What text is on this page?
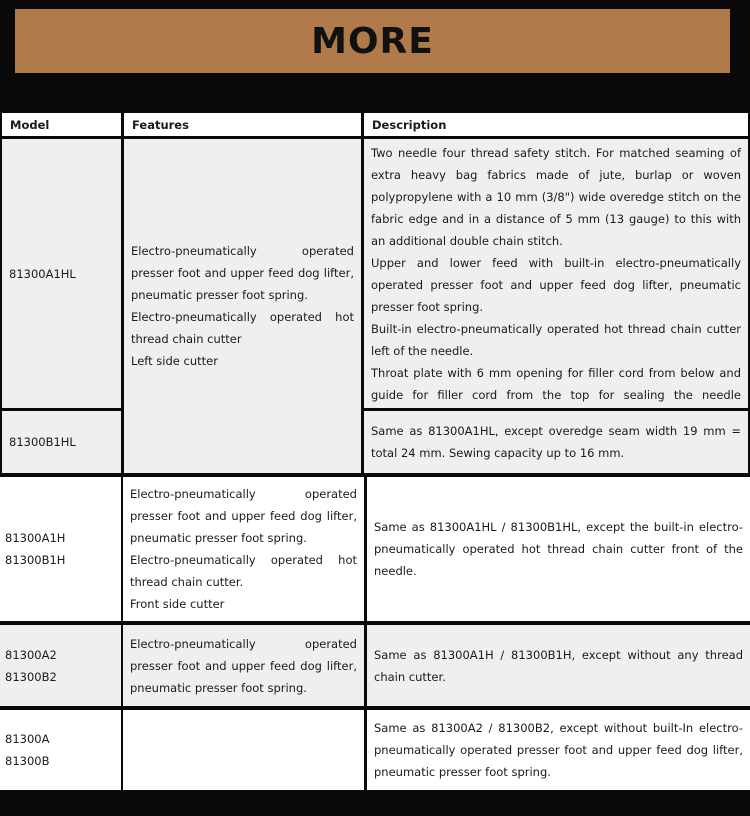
MORE
Model	Features	Description
81300A1HL
Electro-pneumatically operated presser foot and upper feed dog lifter, pneumatic presser foot spring.
Electro-pneumatically operated hot thread chain cutter
Left side cutter
Two needle four thread safety stitch. For matched seaming of extra heavy bag fabrics made of jute, burlap or woven polypropylene with a 10 mm (3/8") wide overedge stitch on the fabric edge and in a distance of 5 mm (13 gauge) to this with an additional double chain stitch.
Upper and lower feed with built-in electro-pneumatically operated presser foot and upper feed dog lifter, pneumatic presser foot spring.
Built-in electro-pneumatically operated hot thread chain cutter left of the needle.
Throat plate with 6 mm opening for filler cord from below and guide for filler cord from the top for sealing the needle
81300B1HL
Same as 81300A1HL, except overedge seam width 19 mm = total 24 mm. Sewing capacity up to 16 mm.
81300A1H
81300B1H
Electro-pneumatically operated presser foot and upper feed dog lifter, pneumatic presser foot spring.
Electro-pneumatically operated hot thread chain cutter.
Front side cutter
Same as 81300A1HL / 81300B1HL, except the built-in electro-pneumatically operated hot thread chain cutter front of the needle.
81300A2
81300B2
Electro-pneumatically operated presser foot and upper feed dog lifter, pneumatic presser foot spring.
Same as 81300A1H / 81300B1H, except without any thread chain cutter.
81300A
81300B
Same as 81300A2 / 81300B2, except without built-In electro-pneumatically operated presser foot and upper feed dog lifter, pneumatic presser foot spring.
